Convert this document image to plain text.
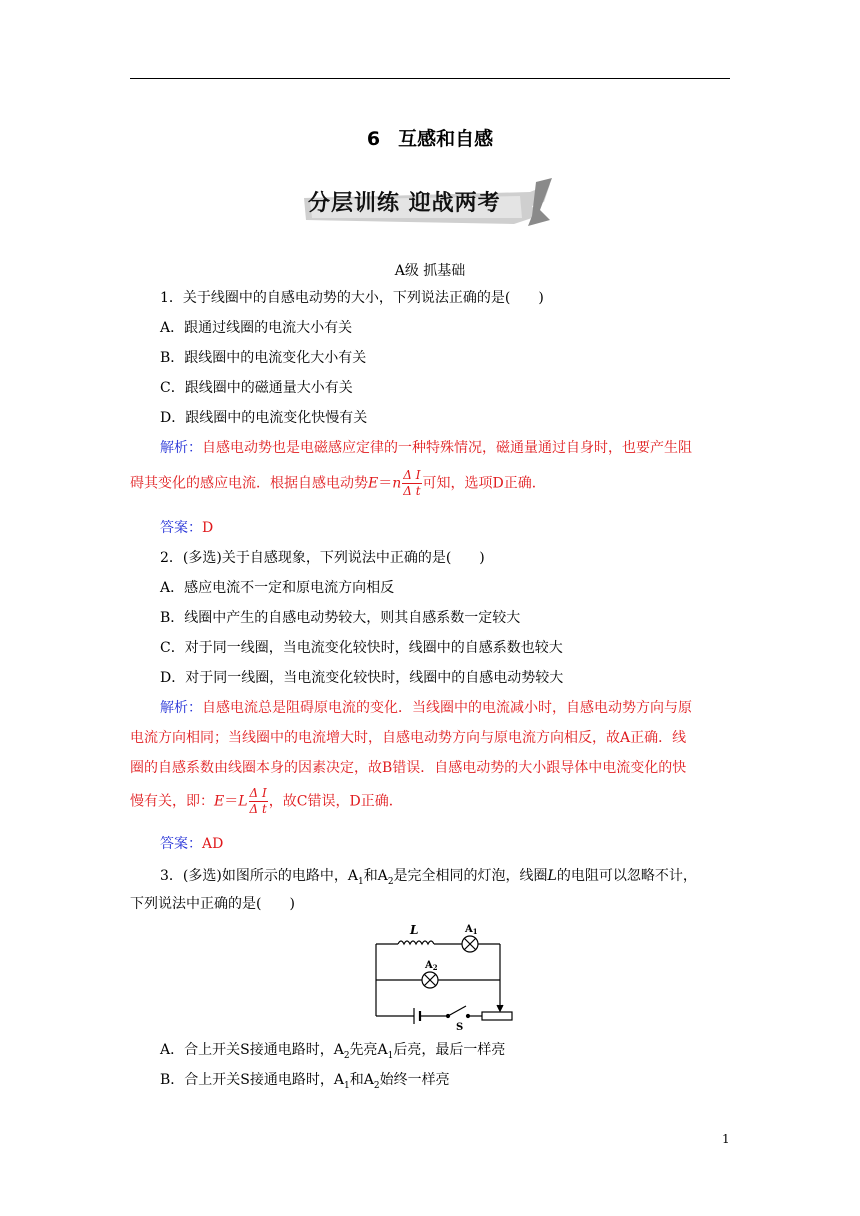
6 互感和自感
分层训练 迎战两考
A级 抓基础
1．关于线圈中的自感电动势的大小，下列说法正确的是(　　)
A．跟通过线圈的电流大小有关
B．跟线圈中的电流变化大小有关
C．跟线圈中的磁通量大小有关
D．跟线圈中的电流变化快慢有关
解析：自感电动势也是电磁感应定律的一种特殊情况，磁通量通过自身时，也要产生阻
碍其变化的感应电流．根据自感电动势$E=n \frac{\text{Δ I}}{\text{Δ t}}$ 可知，选项D正确．
答案：D
2．(多选)关于自感现象，下列说法中正确的是(　　)
A．感应电流不一定和原电流方向相反
B．线圈中产生的自感电动势较大，则其自感系数一定较大
C．对于同一线圈，当电流变化较快时，线圈中的自感系数也较大
D．对于同一线圈，当电流变化较快时，线圈中的自感电动势较大
解析：自感电流总是阻碍原电流的变化．当线圈中的电流减小时，自感电动势方向与原
电流方向相同；当线圈中的电流增大时，自感电动势方向与原电流方向相反，故A正确．线
圈的自感系数由线圈本身的因素决定，故B错误．自感电动势的大小跟导体中电流变化的快
慢有关，即：$E=L \frac{\text{Δ I}}{\text{Δ t}}$ ，故C错误，D正确．
答案：AD
3．(多选)如图所示的电路中，$A_1$和$A_2$是完全相同的灯泡，线圈L的电阻可以忽略不计，
下列说法中正确的是(　　)
L	$A_1$
$A_2$
S
A．合上开关S接通电路时，$A_2$先亮$A_1$后亮，最后一样亮
B．合上开关S接通电路时，$A_1$和$A_2$始终一样亮
1
